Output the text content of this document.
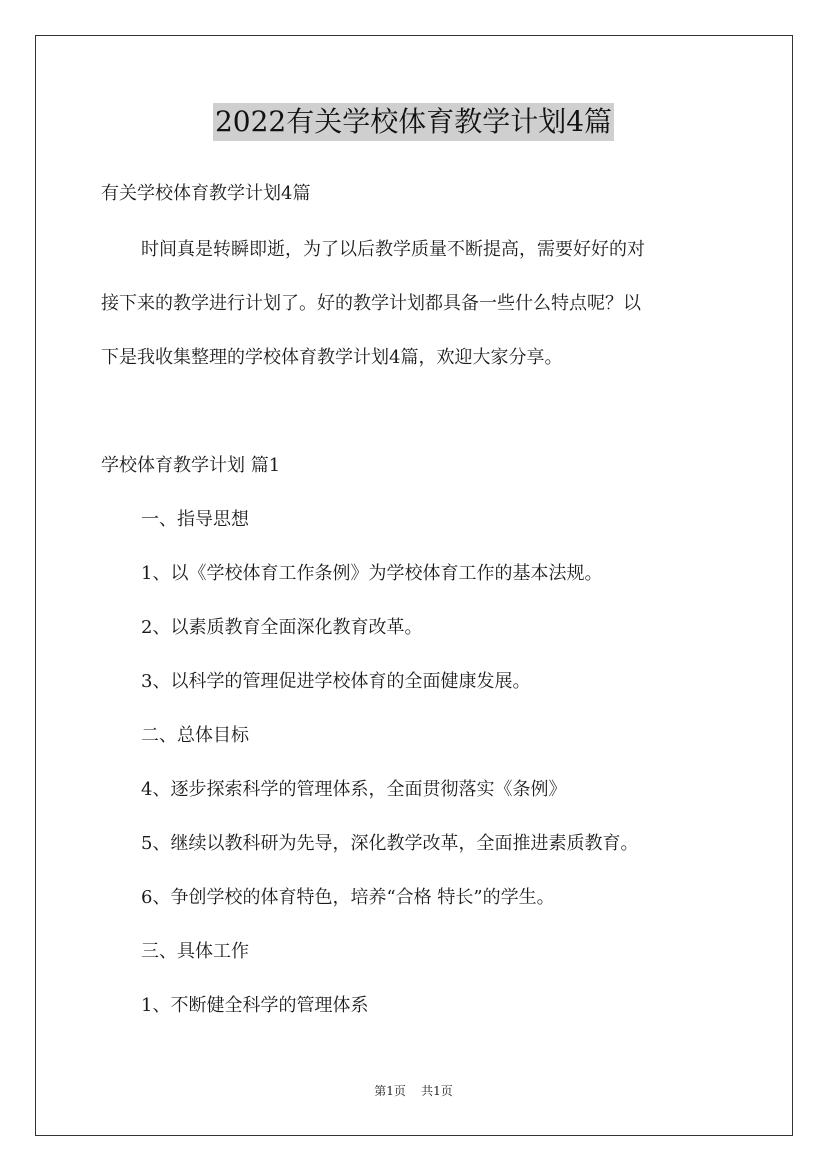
2022有关学校体育教学计划4篇
有关学校体育教学计划4篇
时间真是转瞬即逝，为了以后教学质量不断提高，需要好好的对
接下来的教学进行计划了。好的教学计划都具备一些什么特点呢？以
下是我收集整理的学校体育教学计划4篇，欢迎大家分享。
学校体育教学计划 篇1
一、指导思想
1、以《学校体育工作条例》为学校体育工作的基本法规。
2、以素质教育全面深化教育改革。
3、以科学的管理促进学校体育的全面健康发展。
二、总体目标
4、逐步探索科学的管理体系，全面贯彻落实《条例》
5、继续以教科研为先导，深化教学改革，全面推进素质教育。
6、争创学校的体育特色，培养“合格 特长”的学生。
三、具体工作
1、不断健全科学的管理体系
第1页 共1页
